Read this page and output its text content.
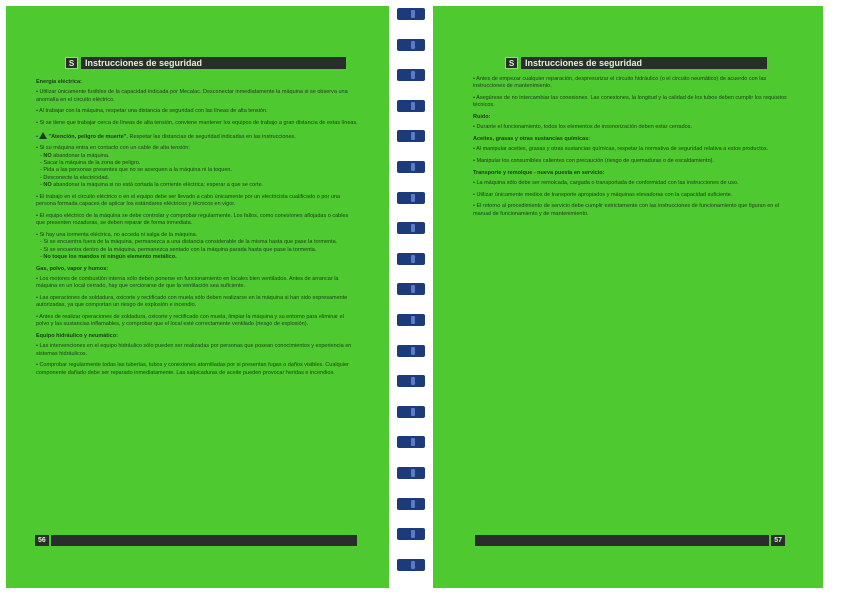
S	Instrucciones de seguridad
Energía eléctrica:

• Utilizar únicamente fusibles de la capacidad indicada por Mecalac. Desconectar inmediatamente la máquina si se observa una anomalía en el circuito eléctrico.

• Al trabajar con la máquina, respetar una distancia de seguridad con las líneas de alta tensión.

• Si se tiene que trabajar cerca de líneas de alta tensión, conviene mantener los equipos de trabajo a gran distancia de estas líneas.

• "Atención, peligro de muerte". Respetar las distancias de seguridad indicadas en las instrucciones.

• Si su máquina entra en contacto con un cable de alta tensión:
- NO abandonar la máquina.
- Sacar la máquina de la zona de peligro.
- Pida a las personas presentes que no se acerquen a la máquina ni la toquen.
- Desconecte la electricidad.
- NO abandonar la máquina si no está cortada la corriente eléctrica; esperar a que se corte.

• El trabajo en el circuito eléctrico o en el equipo debe ser llevado a cabo únicamente por un electricista cualificado o por una persona formada capaces de aplicar los estándares eléctricos y técnicos en vigor.

• El equipo eléctrico de la máquina se debe controlar y comprobar regularmente. Los fallos, como conexiones aflojadas o cables que presenten rozaduras, se deben reparar de forma inmediata.

• Si hay una tormenta eléctrica, no acceda ni salga de la máquina.
- Si se encuentra fuera de la máquina, permanezca a una distancia considerable de la misma hasta que pase la tormenta.
- Si se encuentra dentro de la máquina, permanezca sentado con la máquina parada hasta que pase la tormenta.
- No toque los mandos ni ningún elemento metálico.

Gas, polvo, vapor y humos:

• Los motores de combustión interna sólo deben ponerse en funcionamiento en locales bien ventilados. Antes de arrancar la máquina en un local cerrado, hay que cerciorarse de que la ventilación sea suficiente.

• Las operaciones de soldadura, oxicorte y rectificado con muela sólo deben realizarse en la máquina si han sido expresamente autorizadas, ya que comportan un riesgo de explosión e incendio.

• Antes de realizar operaciones de soldadura, oxicorte y rectificado con muela, limpiar la máquina y su entorno para eliminar el polvo y las sustancias inflamables, y comprobar que el local esté correctamente ventilado (riesgo de explosión).

Equipo hidráulico y neumático:

• Las intervenciones en el equipo hidráulico sólo pueden ser realizadas por personas que posean conocimientos y experiencia en sistemas hidráulicos.

• Comprobar regularmente todas las tuberías, tubos y conexiones atornilladas por si presentan fugas o daños visibles. Cualquier componente dañado debe ser reparado inmediatamente. Las salpicaduras de aceite pueden provocar heridas e incendios.

56
S	Instrucciones de seguridad

• Antes de empezar cualquier reparación, despresurizar el circuito hidráulico (o el circuito neumático) de acuerdo con las instrucciones de mantenimiento.

• Asegúrese de no intercambiar las conexiones. Las conexiones, la longitud y la calidad de los tubos deben cumplir los requisitos técnicos.

Ruido:

• Durante el funcionamiento, todos los elementos de insonorización deben estar cerrados.

Aceites, grasas y otras sustancias químicas:

• Al manipular aceites, grasas y otras sustancias químicas, respetar la normativa de seguridad relativa a estos productos.

• Manipular los consumibles calientes con precaución (riesgo de quemaduras o de escaldamiento).

Transporte y remolque - nueva puesta en servicio:

• La máquina sólo debe ser remolcada, cargada o transportada de conformidad con las instrucciones de uso.

• Utilizar únicamente medios de transporte apropiados y máquinas elevadoras con la capacidad suficiente.

• El retorno al procedimiento de servicio debe cumplir estrictamente con las instrucciones de funcionamiento que figuran en el manual de funcionamiento y de mantenimiento.

57
